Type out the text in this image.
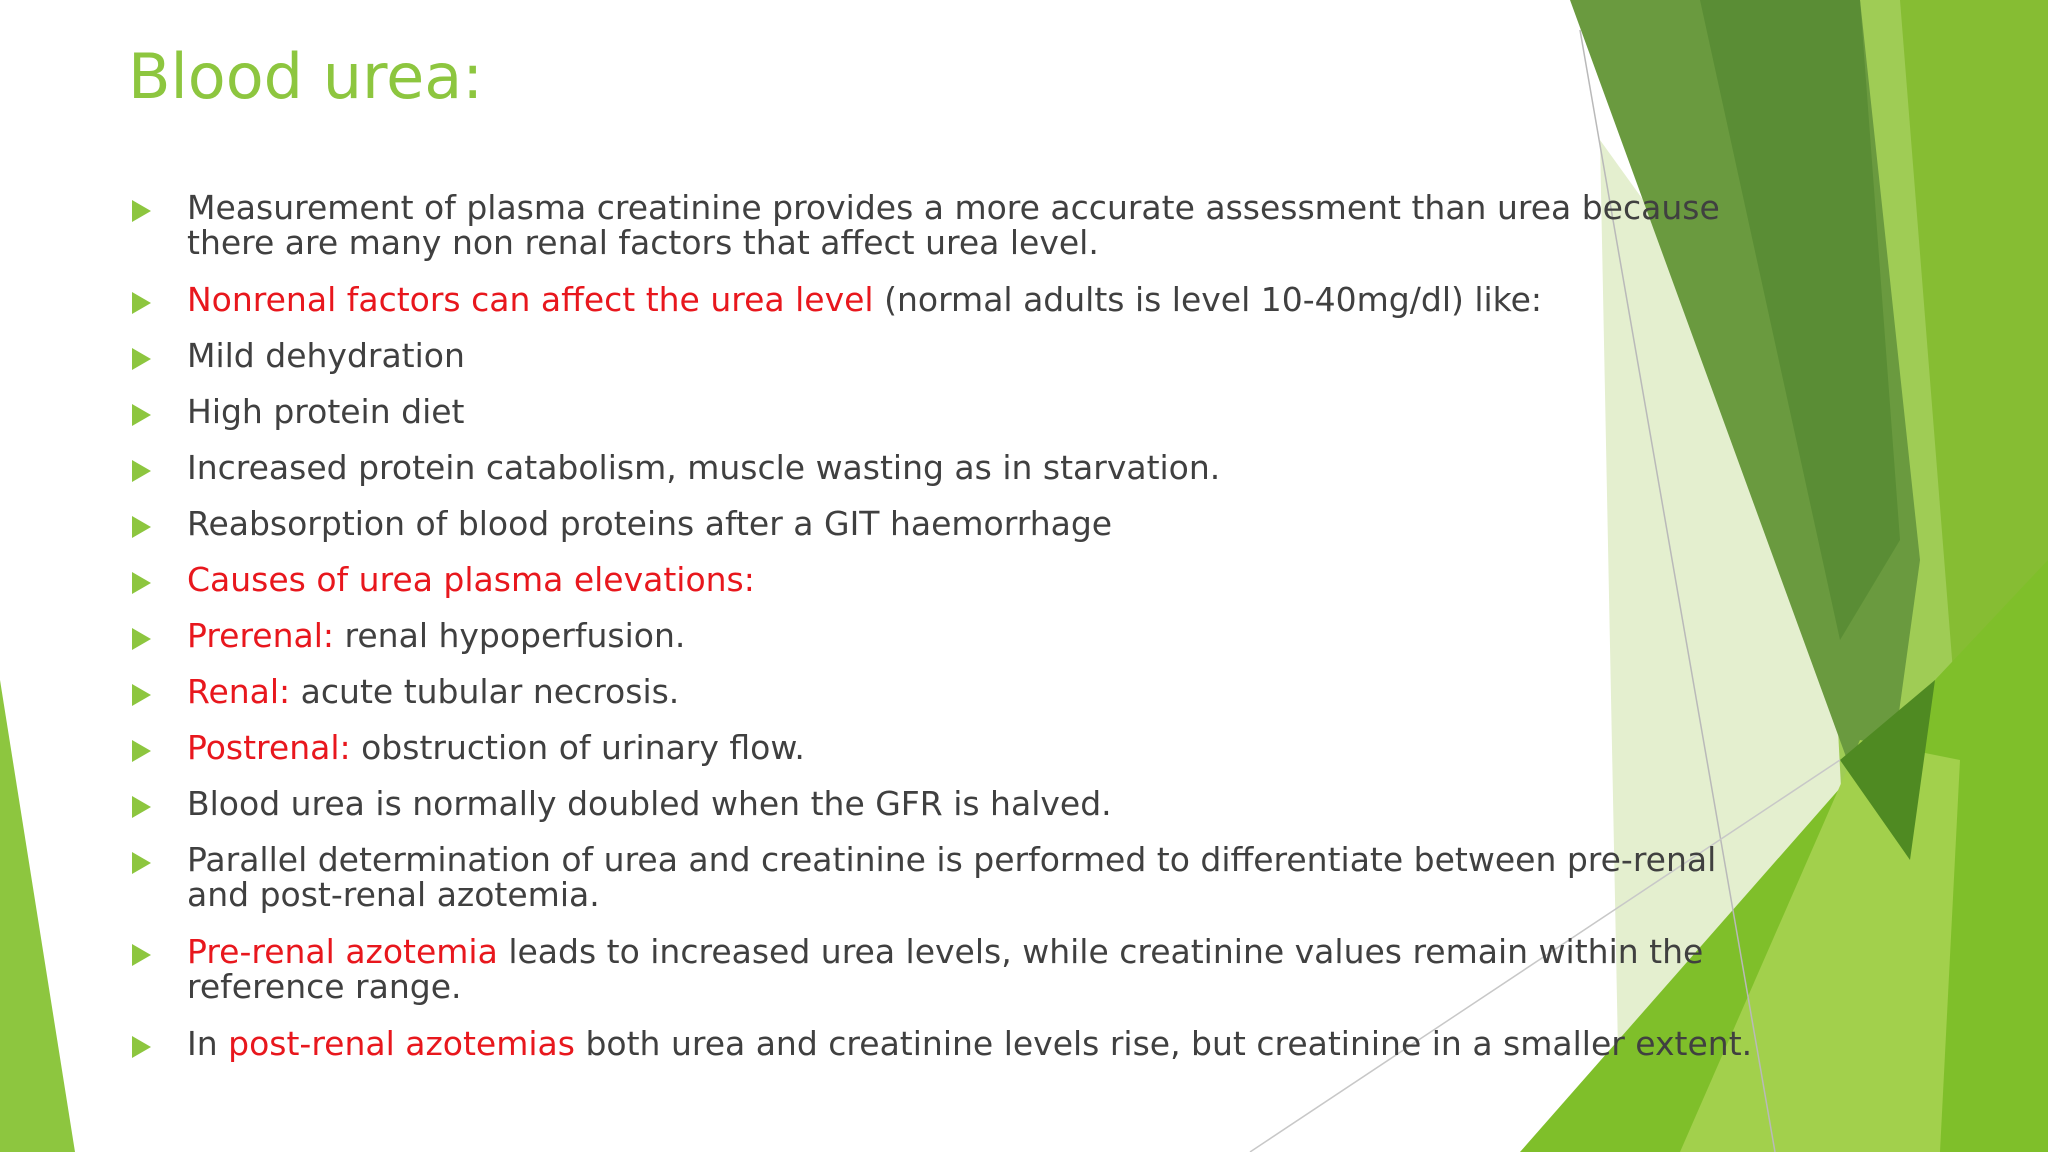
Blood urea:
Measurement of plasma creatinine provides a more accurate assessment than urea because there are many non renal factors that affect urea level.
Nonrenal factors can affect the urea level (normal adults is level 10-40mg/dl) like:
Mild dehydration
High protein diet
Increased protein catabolism, muscle wasting as in starvation.
Reabsorption of blood proteins after a GIT haemorrhage
Causes of urea plasma elevations:
Prerenal: renal hypoperfusion.
Renal: acute tubular necrosis.
Postrenal: obstruction of urinary flow.
Blood urea is normally doubled when the GFR is halved.
Parallel determination of urea and creatinine is performed to differentiate between pre-renal and post-renal azotemia.
Pre-renal azotemia leads to increased urea levels, while creatinine values remain within the reference range.
In post-renal azotemias both urea and creatinine levels rise, but creatinine in a smaller extent.
